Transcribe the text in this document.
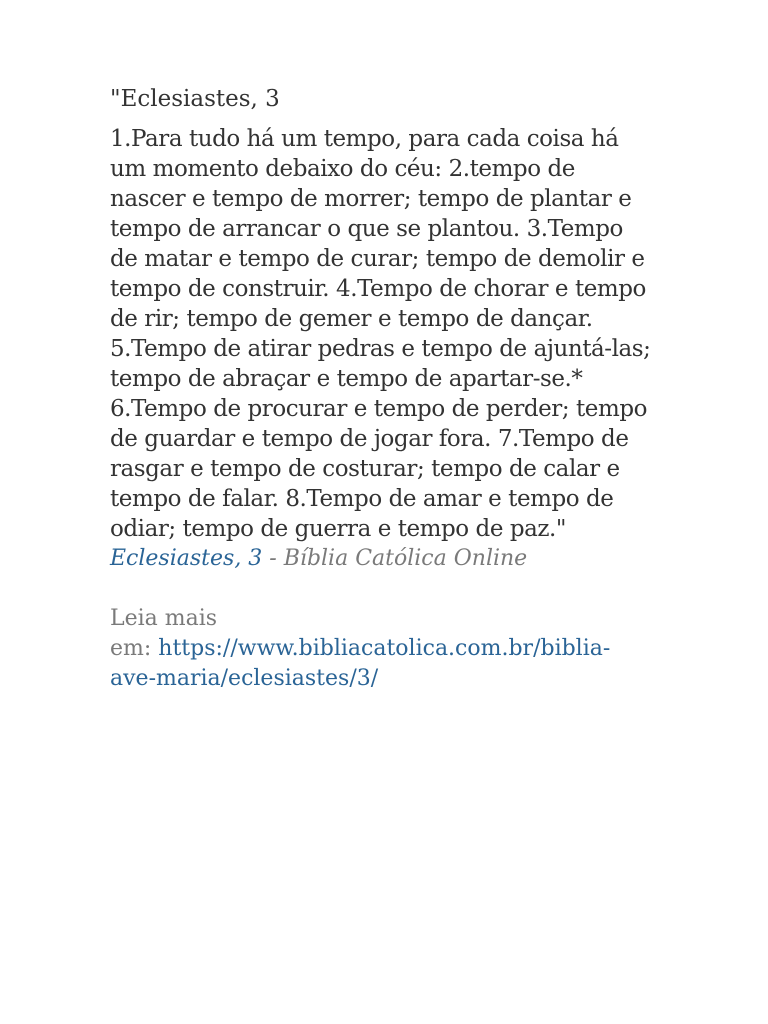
"Eclesiastes, 3

1.Para tudo há um tempo, para cada coisa há
um momento debaixo do céu: 2.tempo de
nascer e tempo de morrer; tempo de plantar e
tempo de arrancar o que se plantou. 3.Tempo
de matar e tempo de curar; tempo de demolir e
tempo de construir. 4.Tempo de chorar e tempo
de rir; tempo de gemer e tempo de dançar.
5.Tempo de atirar pedras e tempo de ajuntá-las;
tempo de abraçar e tempo de apartar-se.*
6.Tempo de procurar e tempo de perder; tempo
de guardar e tempo de jogar fora. 7.Tempo de
rasgar e tempo de costurar; tempo de calar e
tempo de falar. 8.Tempo de amar e tempo de
odiar; tempo de guerra e tempo de paz."

Eclesiastes, 3 - Bíblia Católica Online

Leia mais
em: https://www.bibliacatolica.com.br/biblia-
ave-maria/eclesiastes/3/
